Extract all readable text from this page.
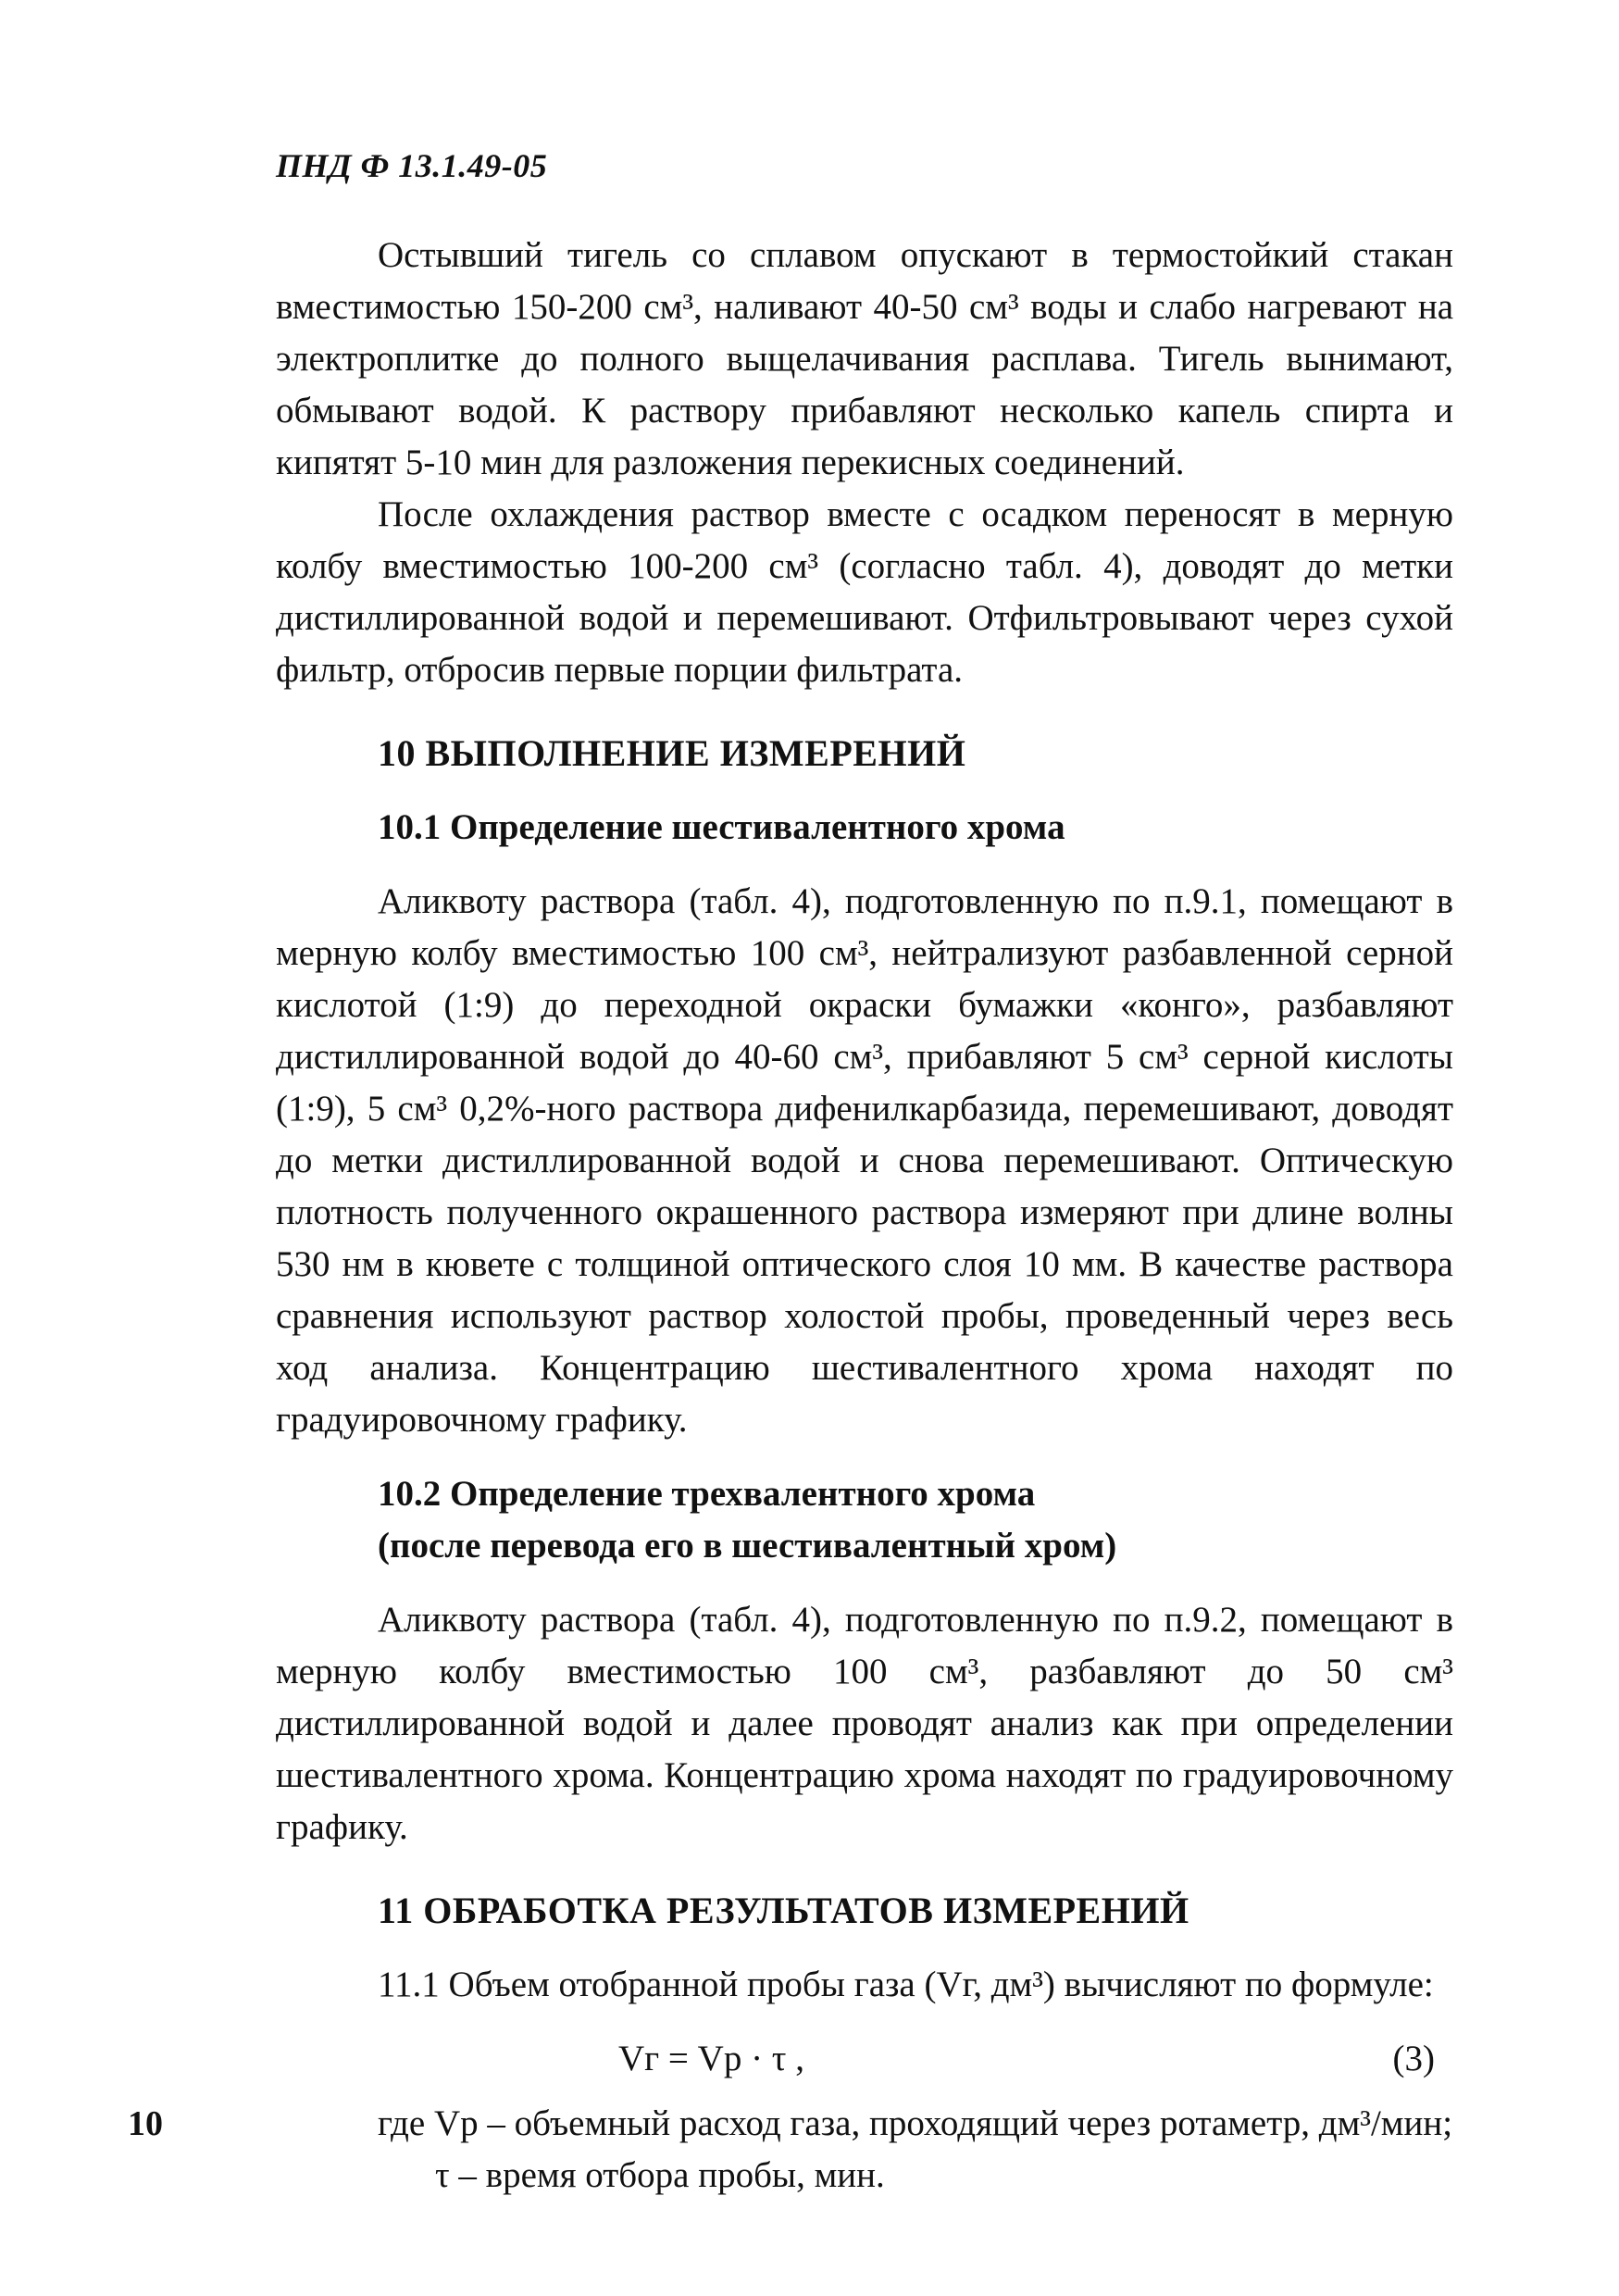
ПНД Ф 13.1.49-05

Остывший тигель со сплавом опускают в термостойкий стакан вместимостью 150-200 см³, наливают 40-50 см³ воды и слабо нагревают на электроплитке до полного выщелачивания расплава. Тигель вынимают, обмывают водой. К раствору прибавляют несколько капель спирта и кипятят 5-10 мин для разложения перекисных соединений.

После охлаждения раствор вместе с осадком переносят в мерную колбу вместимостью 100-200 см³ (согласно табл. 4), доводят до метки дистиллированной водой и перемешивают. Отфильтровывают через сухой фильтр, отбросив первые порции фильтрата.

10 ВЫПОЛНЕНИЕ ИЗМЕРЕНИЙ
10.1 Определение шестивалентного хрома

Аликвоту раствора (табл. 4), подготовленную по п.9.1, помещают в мерную колбу вместимостью 100 см³, нейтрализуют разбавленной серной кислотой (1:9) до переходной окраски бумажки «конго», разбавляют дистиллированной водой до 40-60 см³, прибавляют 5 см³ серной кислоты (1:9), 5 см³ 0,2%-ного раствора дифенилкарбазида, перемешивают, доводят до метки дистиллированной водой и снова перемешивают. Оптическую плотность полученного окрашенного раствора измеряют при длине волны 530 нм в кювете с толщиной оптического слоя 10 мм. В качестве раствора сравнения используют раствор холостой пробы, проведенный через весь ход анализа. Концентрацию шестивалентного хрома находят по градуировочному графику.

10.2 Определение трехвалентного хрома
(после перевода его в шестивалентный хром)

Аликвоту раствора (табл. 4), подготовленную по п.9.2, помещают в мерную колбу вместимостью 100 см³, разбавляют до 50 см³ дистиллированной водой и далее проводят анализ как при определении шестивалентного хрома. Концентрацию хрома находят по градуировочному графику.

11 ОБРАБОТКА РЕЗУЛЬТАТОВ ИЗМЕРЕНИЙ

11.1 Объем отобранной пробы газа (Vг, дм³) вычисляют по формуле:

Vг = Vр · τ ,	(3)

где Vр – объемный расход газа, проходящий через ротаметр, дм³/мин;
τ – время отбора пробы, мин.

10
